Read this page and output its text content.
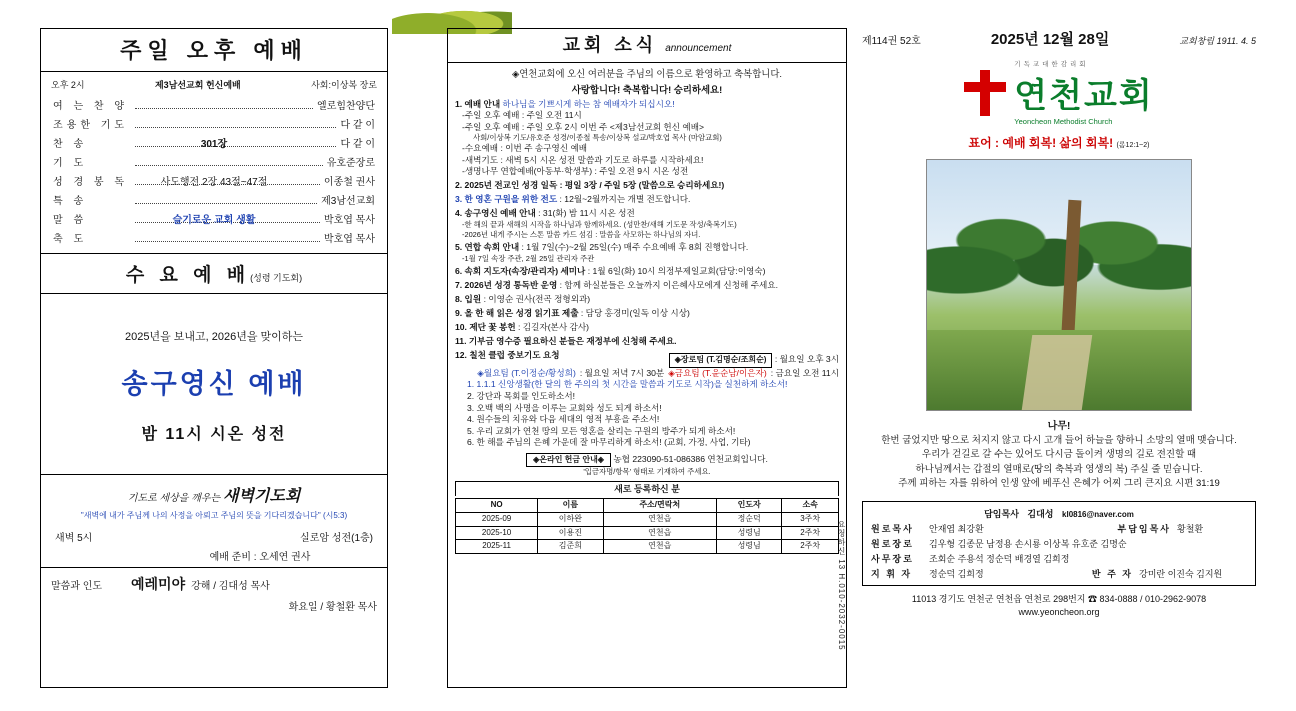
주일 오후 예배
오후 2시	제3남선교회 헌신예배	사회:이상복 장로
여 는 찬 양	엘로힘찬양단
조용한 기도	다 같 이
찬 송	301장	다 같 이
기 도	유호준장로
성 경 봉 독	사도행전 2장 43절~47절	이종철 권사
특 송	제3남선교회
말 씀	슬기로운 교회 생활	박호엽 목사
축 도	박호엽 목사
수 요 예 배(성령 기도회)
2025년을 보내고, 2026년을 맞이하는
송구영신 예배
밤 11시 시온 성전
기도로 세상을 깨우는 새벽기도회
"새벽에 내가 주님께 나의 사정을 아뢰고 주님의 뜻을 기다리겠습니다" (시5:3)
새벽 5시	실로암 성전(1층)
예배 준비 : 오세연 권사
말씀과 인도	예레미야 강해 / 김대성 목사
화요일 / 황철환 목사
교회 소식 announcement
◈연천교회에 오신 여러분을 주님의 이름으로 환영하고 축복합니다.
사랑합니다! 축복합니다! 승리하세요!
1. 예배 안내 하나님을 기쁘시게 하는 참 예배자가 되십시오!
-주일 오후 예배 : 주일 오전 11시
-주일 오후 예배 : 주일 오후 2시 이번 주 <제3남선교회 헌신 예배>
사회/이상복 기도/유호준 성경/이종철 특송/이상복 설교/박호엽 목사 (마암교회)
-수요예배 : 이번 주 송구영신 예배
-새벽기도 : 새벽 5시 시온 성전 말씀과 기도로 하루를 시작하세요!
-생명나무 연합예배(아동부·학생부) : 주일 오전 9시 시온 성전
2. 2025년 전교인 성경 일독 : 평일 3장 / 주일 5장 (말씀으로 승리하세요!)
3. 한 영혼 구원을 위한 전도 : 12월~2월까지는 개별 전도합니다.
4. 송구영신 예배 안내 : 31(화) 밤 11시 시온 성전
-한 해의 끝과 새해의 시작을 하나님과 함께하세요. (성만찬/새해 기도문 작성/축복기도)
-2026년 내게 주시는 스톤 말씀 카드 섬김 : 말씀을 사모하는 하나님의 자녀.
5. 연합 속회 안내 : 1월 7일(수)~2월 25일(수) 매주 수요예배 후 8회 진행합니다.
-1월 7일 속장 주관, 2월 25일 관리자 주관
6. 속회 지도자(속장/관리자) 세미나 : 1월 6일(화) 10시 의정부제일교회(담당:이영숙)
7. 2026년 성경 통독반 운영 : 함께 하실분들은 오늘까지 이은혜사모에게 신청해 주세요.
8. 입원 : 이영순 권사(전곡 정형외과)
9. 올 한 해 읽은 성경 읽기표 제출 : 담당 홍경미(일독 이상 시상)
10. 제단 꽃 봉헌 : 김길자(본사 감사)
11. 기부금 영수증 필요하신 분들은 재정부에 신청해 주세요.
12. 칠천 클럽 중보기도 요청	◈장로팀 (T.김명순/조희순) : 월요일 오후 3시
◈월요팀 (T.이정순/황성희) : 월요일 저녁 7시 30분 ◈금요팀 (T.윤순남/이은자) : 금요일 오전 11시
1. 1.1.1 신앙생활(한 달의 한 주의의 첫 시간을 말씀과 기도로 시작)을 실천하게 하소서!
2. 강단과 목회를 인도하소서!
3. 오백 백의 사명을 이루는 교회와 성도 되게 하소서!
4. 원수들의 치유와 다음 세대의 영적 부흥을 주소서!
5. 우리 교회가 연천 땅의 모든 영혼을 살리는 구원의 방주가 되게 하소서!
6. 한 해를 주님의 은혜 가운데 잘 마무리하게 하소서! (교회, 가정, 사업, 기타)
◈온라인 헌금 안내◈ 농협 223090-51-086386 연천교회입니다.
'입금자명/항목' 형태로 기재하여 주세요.
새로 등록하신 분
NO	이름	주소/면락처	인도자	소속
2025-09	이하완	연천읍	정순덕	3주차
2025-10	이용진	연천읍	성령님	2주차
2025-11	김준희	연천읍	성령님	2주차 요청하신 13 H.010-2032-0015
제114권 52호	2025년 12월 28일	교회창립 1911. 4. 5
기독교대한감리회
연천교회
Yeoncheon Methodist Church
표어 : 예배 회복! 삶의 회복! (롬12:1~2)
나무!
한번 굽었지만 땅으로 처지지 않고 다시 고개 들어 하늘을 향하니 소망의 열매 맺습니다.
우리가 걷길로 갈 수는 있어도 다시금 돌이켜 생명의 길로 전진할 때
하나님께서는 갑절의 열매로(땅의 축복과 영생의 복) 주실 줄 믿습니다.
주께 피하는 자를 위하여 인생 앞에 베푸신 은혜가 어찌 그리 큰지요 시편 31:19
담임목사 김대성 kl0816@naver.com
원로목사	안재엽 최강환	부담임목사 황철환
원로장로	김우형 김종문 남정용 손시룡 이상복 유호준 김명순
사무장로	조회순 주용석 정순덕 배경열 김희정
지 휘 자	정순덕 김희정	반 주 자 강미란 이진숙 김지원
11013 경기도 연천군 연천읍 연천로 298번지 ☎ 834-0888 / 010-2962-9078
www.yeoncheon.org
